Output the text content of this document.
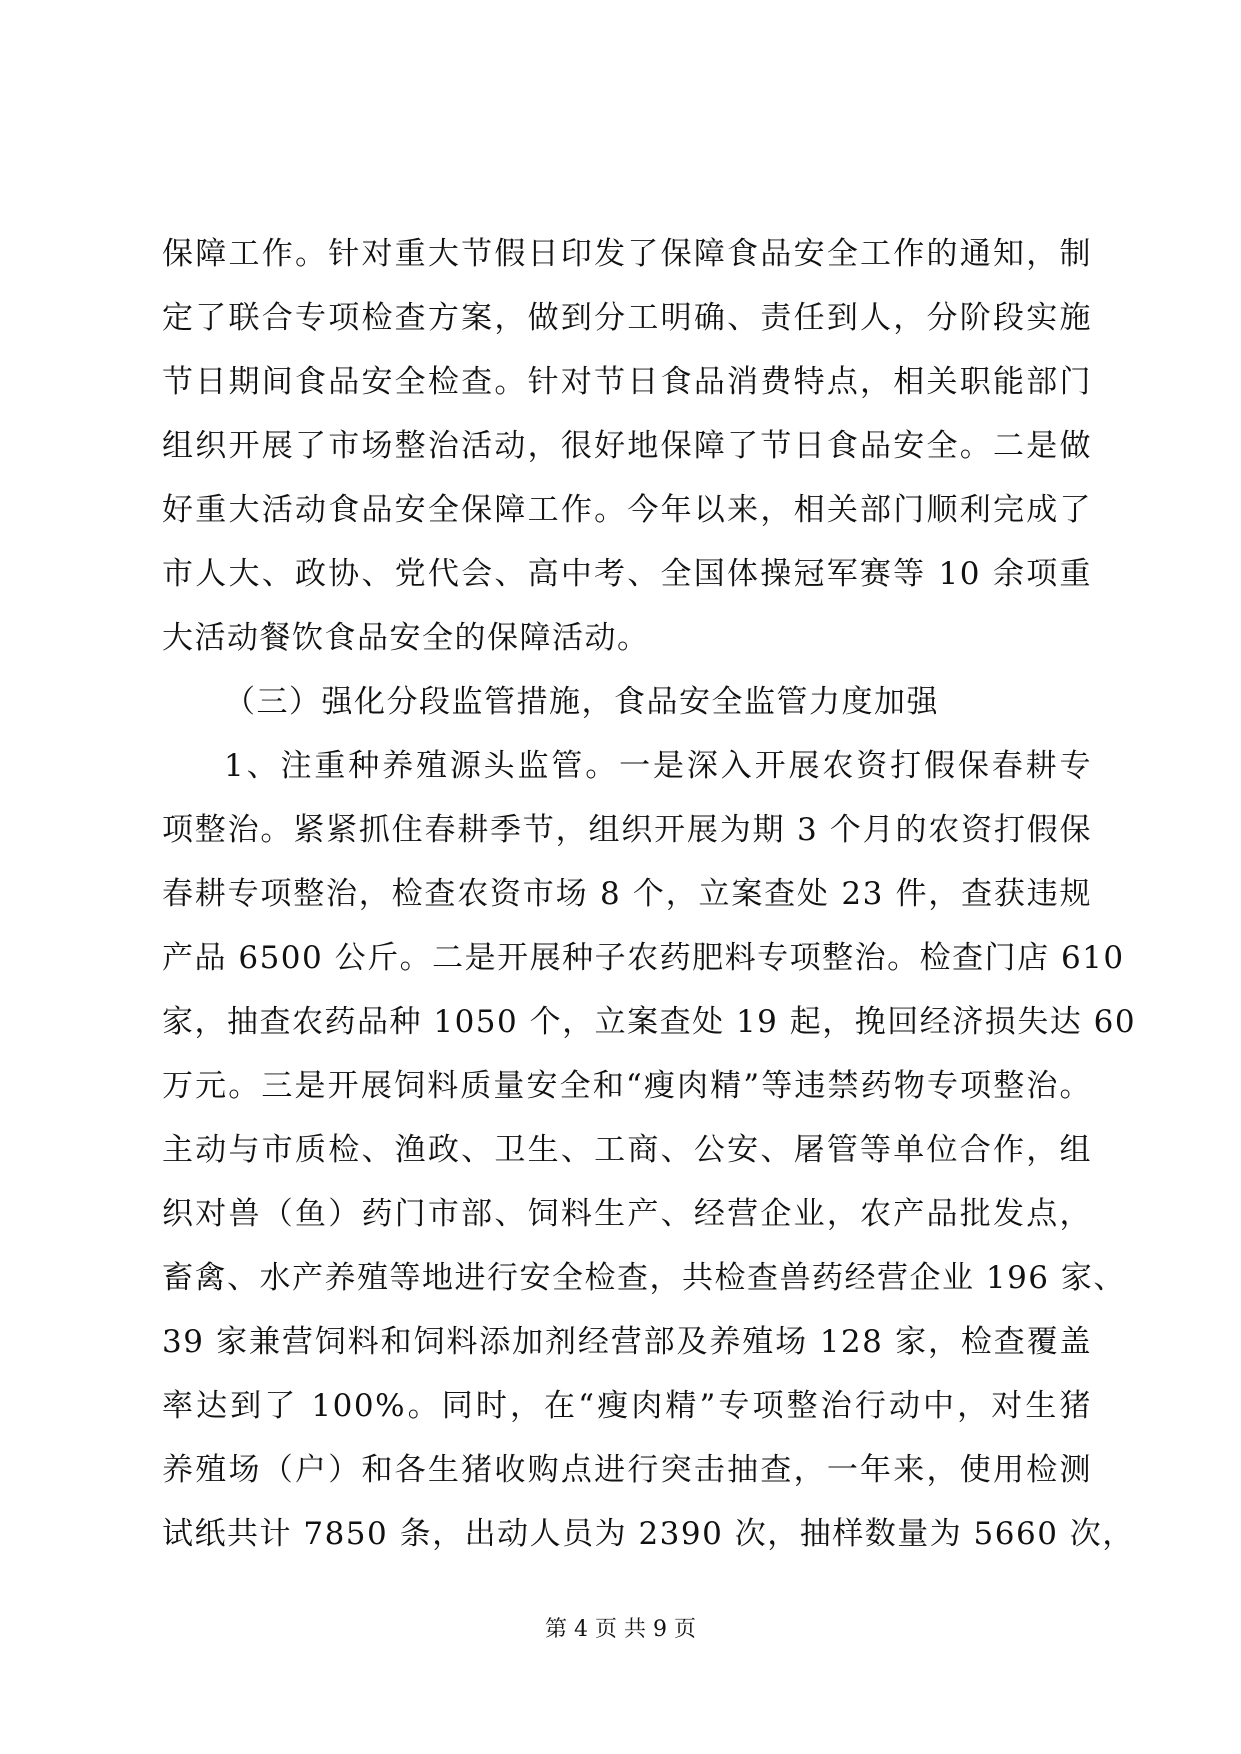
保障工作。针对重大节假日印发了保障食品安全工作的通知，制
定了联合专项检查方案，做到分工明确、责任到人，分阶段实施
节日期间食品安全检查。针对节日食品消费特点，相关职能部门
组织开展了市场整治活动，很好地保障了节日食品安全。二是做
好重大活动食品安全保障工作。今年以来，相关部门顺利完成了
市人大、政协、党代会、高中考、全国体操冠军赛等 10 余项重
大活动餐饮食品安全的保障活动。
（三）强化分段监管措施，食品安全监管力度加强
1、注重种养殖源头监管。一是深入开展农资打假保春耕专
项整治。紧紧抓住春耕季节，组织开展为期 3 个月的农资打假保
春耕专项整治，检查农资市场 8 个，立案查处 23 件，查获违规
产品 6500 公斤。二是开展种子农药肥料专项整治。检查门店 610
家，抽查农药品种 1050 个，立案查处 19 起，挽回经济损失达 60
万元。三是开展饲料质量安全和“瘦肉精”等违禁药物专项整治。
主动与市质检、渔政、卫生、工商、公安、屠管等单位合作，组
织对兽（鱼）药门市部、饲料生产、经营企业，农产品批发点，
畜禽、水产养殖等地进行安全检查，共检查兽药经营企业 196 家、
39 家兼营饲料和饲料添加剂经营部及养殖场 128 家，检查覆盖
率达到了 100%。同时，在“瘦肉精”专项整治行动中，对生猪
养殖场（户）和各生猪收购点进行突击抽查，一年来，使用检测
试纸共计 7850 条，出动人员为 2390 次，抽样数量为 5660 次，
第 4 页 共 9 页
